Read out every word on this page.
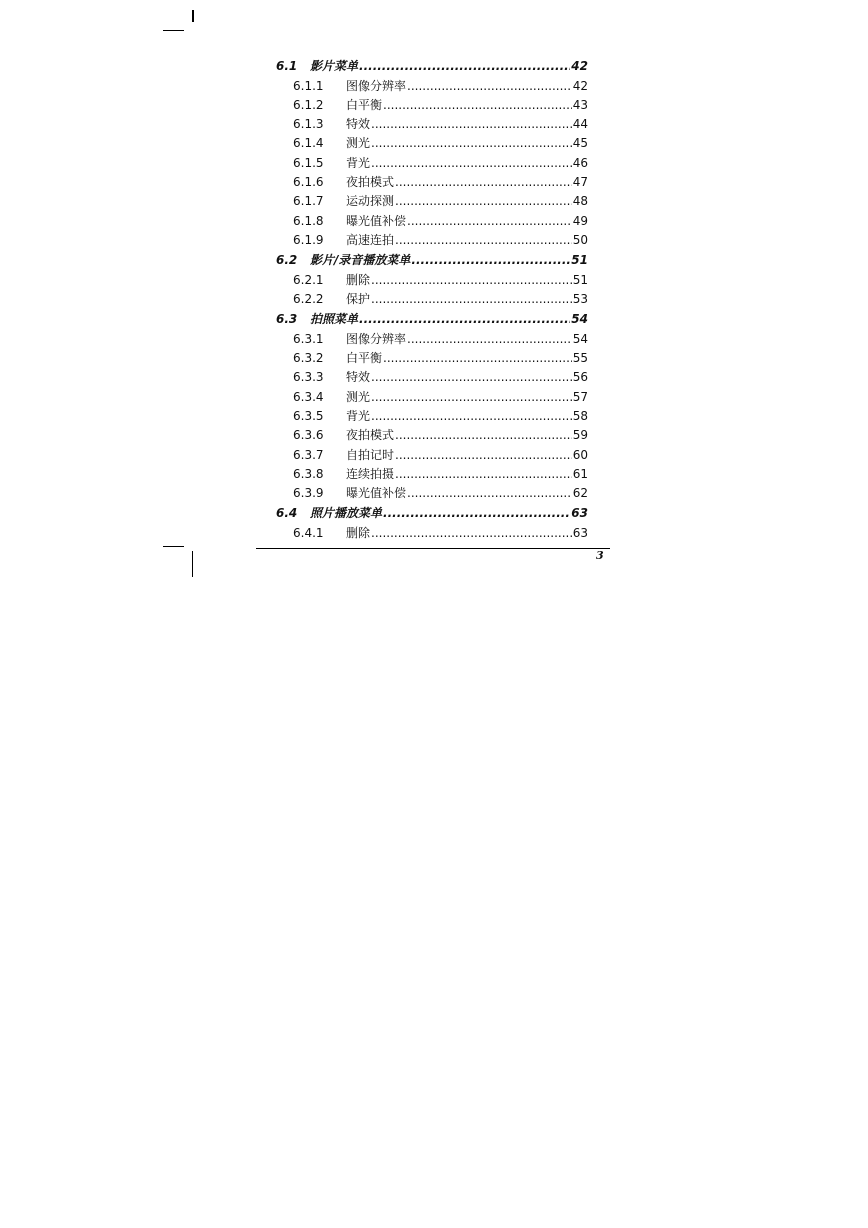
6.1	影片菜单 .....	42
6.1.1	图像分辨率 .....	42
6.1.2	白平衡 .....	43
6.1.3	特效 .....	44
6.1.4	测光 .....	45
6.1.5	背光 .....	46
6.1.6	夜拍模式 .....	47
6.1.7	运动探测 .....	48
6.1.8	曝光值补偿 .....	49
6.1.9	高速连拍 .....	50
6.2	影片/录音播放菜单 .....	51
6.2.1	删除 .....	51
6.2.2	保护 .....	53
6.3	拍照菜单 .....	54
6.3.1	图像分辨率 .....	54
6.3.2	白平衡 .....	55
6.3.3	特效 .....	56
6.3.4	测光 .....	57
6.3.5	背光 .....	58
6.3.6	夜拍模式 .....	59
6.3.7	自拍记时 .....	60
6.3.8	连续拍摄 .....	61
6.3.9	曝光值补偿 .....	62
6.4	照片播放菜单 .....	63
6.4.1	删除 .....	63
3
